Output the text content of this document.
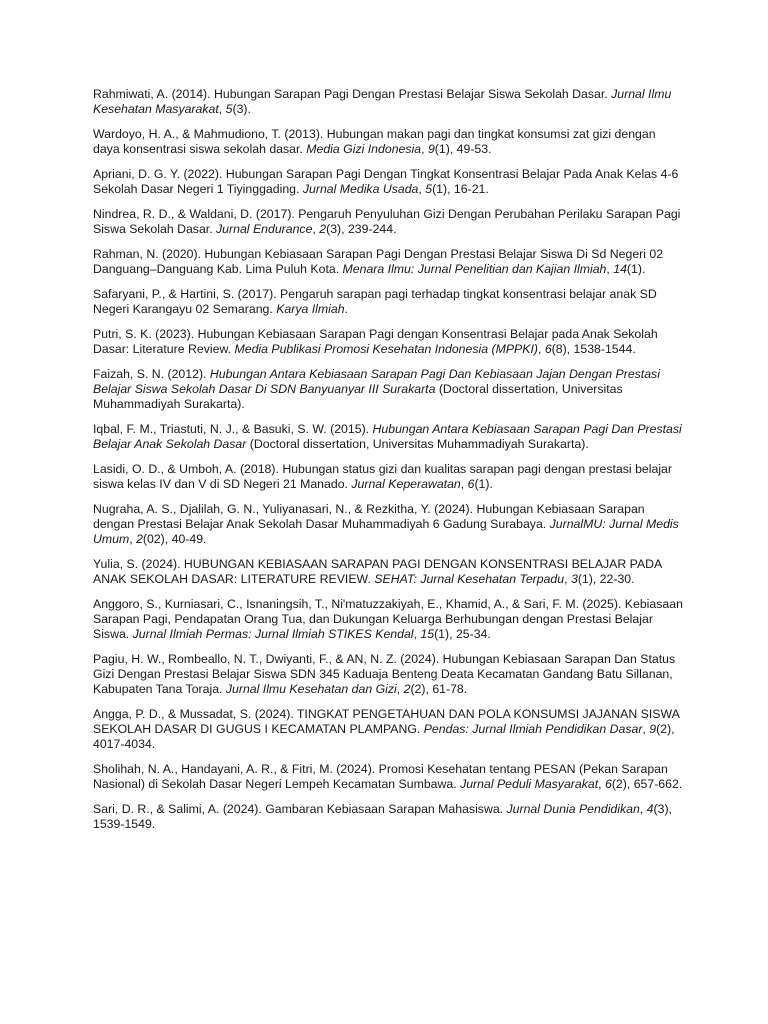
Rahmiwati, A. (2014). Hubungan Sarapan Pagi Dengan Prestasi Belajar Siswa Sekolah Dasar. Jurnal Ilmu Kesehatan Masyarakat, 5(3).

Wardoyo, H. A., & Mahmudiono, T. (2013). Hubungan makan pagi dan tingkat konsumsi zat gizi dengan daya konsentrasi siswa sekolah dasar. Media Gizi Indonesia, 9(1), 49-53.

Apriani, D. G. Y. (2022). Hubungan Sarapan Pagi Dengan Tingkat Konsentrasi Belajar Pada Anak Kelas 4-6 Sekolah Dasar Negeri 1 Tiyinggading. Jurnal Medika Usada, 5(1), 16-21.

Nindrea, R. D., & Waldani, D. (2017). Pengaruh Penyuluhan Gizi Dengan Perubahan Perilaku Sarapan Pagi Siswa Sekolah Dasar. Jurnal Endurance, 2(3), 239-244.

Rahman, N. (2020). Hubungan Kebiasaan Sarapan Pagi Dengan Prestasi Belajar Siswa Di Sd Negeri 02 Danguang–Danguang Kab. Lima Puluh Kota. Menara Ilmu: Jurnal Penelitian dan Kajian Ilmiah, 14(1).

Safaryani, P., & Hartini, S. (2017). Pengaruh sarapan pagi terhadap tingkat konsentrasi belajar anak SD Negeri Karangayu 02 Semarang. Karya Ilmiah.

Putri, S. K. (2023). Hubungan Kebiasaan Sarapan Pagi dengan Konsentrasi Belajar pada Anak Sekolah Dasar: Literature Review. Media Publikasi Promosi Kesehatan Indonesia (MPPKI), 6(8), 1538-1544.

Faizah, S. N. (2012). Hubungan Antara Kebiasaan Sarapan Pagi Dan Kebiasaan Jajan Dengan Prestasi Belajar Siswa Sekolah Dasar Di SDN Banyuanyar III Surakarta (Doctoral dissertation, Universitas Muhammadiyah Surakarta).

Iqbal, F. M., Triastuti, N. J., & Basuki, S. W. (2015). Hubungan Antara Kebiasaan Sarapan Pagi Dan Prestasi Belajar Anak Sekolah Dasar (Doctoral dissertation, Universitas Muhammadiyah Surakarta).

Lasidi, O. D., & Umboh, A. (2018). Hubungan status gizi dan kualitas sarapan pagi dengan prestasi belajar siswa kelas IV dan V di SD Negeri 21 Manado. Jurnal Keperawatan, 6(1).

Nugraha, A. S., Djalilah, G. N., Yuliyanasari, N., & Rezkitha, Y. (2024). Hubungan Kebiasaan Sarapan dengan Prestasi Belajar Anak Sekolah Dasar Muhammadiyah 6 Gadung Surabaya. JurnalMU: Jurnal Medis Umum, 2(02), 40-49.

Yulia, S. (2024). HUBUNGAN KEBIASAAN SARAPAN PAGI DENGAN KONSENTRASI BELAJAR PADA ANAK SEKOLAH DASAR: LITERATURE REVIEW. SEHAT: Jurnal Kesehatan Terpadu, 3(1), 22-30.

Anggoro, S., Kurniasari, C., Isnaningsih, T., Ni'matuzzakiyah, E., Khamid, A., & Sari, F. M. (2025). Kebiasaan Sarapan Pagi, Pendapatan Orang Tua, dan Dukungan Keluarga Berhubungan dengan Prestasi Belajar Siswa. Jurnal Ilmiah Permas: Jurnal Ilmiah STIKES Kendal, 15(1), 25-34.

Pagiu, H. W., Rombeallo, N. T., Dwiyanti, F., & AN, N. Z. (2024). Hubungan Kebiasaan Sarapan Dan Status Gizi Dengan Prestasi Belajar Siswa SDN 345 Kaduaja Benteng Deata Kecamatan Gandang Batu Sillanan, Kabupaten Tana Toraja. Jurnal Ilmu Kesehatan dan Gizi, 2(2), 61-78.

Angga, P. D., & Mussadat, S. (2024). TINGKAT PENGETAHUAN DAN POLA KONSUMSI JAJANAN SISWA SEKOLAH DASAR DI GUGUS I KECAMATAN PLAMPANG. Pendas: Jurnal Ilmiah Pendidikan Dasar, 9(2), 4017-4034.

Sholihah, N. A., Handayani, A. R., & Fitri, M. (2024). Promosi Kesehatan tentang PESAN (Pekan Sarapan Nasional) di Sekolah Dasar Negeri Lempeh Kecamatan Sumbawa. Jurnal Peduli Masyarakat, 6(2), 657-662.

Sari, D. R., & Salimi, A. (2024). Gambaran Kebiasaan Sarapan Mahasiswa. Jurnal Dunia Pendidikan, 4(3), 1539-1549.
